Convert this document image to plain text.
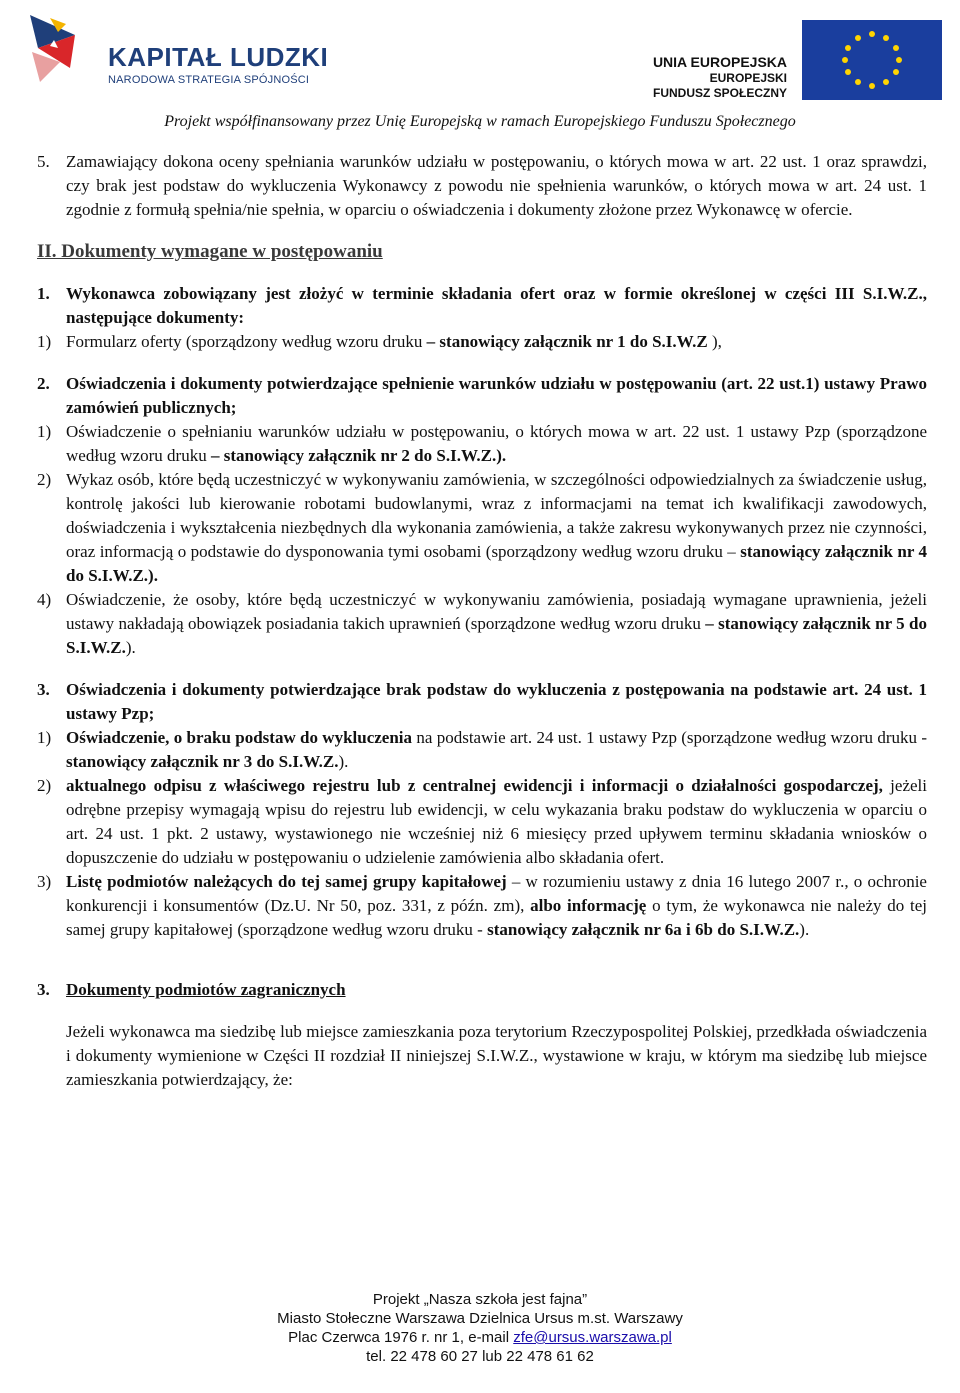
KAPITAŁ LUDZKI
NARODOWA STRATEGIA SPÓJNOŚCI
UNIA EUROPEJSKA
EUROPEJSKI
FUNDUSZ SPOŁECZNY
Projekt współfinansowany przez Unię Europejską w ramach Europejskiego Funduszu Społecznego

5. Zamawiający dokona oceny spełniania warunków udziału w postępowaniu, o których mowa w art. 22 ust. 1 oraz sprawdzi, czy brak jest podstaw do wykluczenia Wykonawcy z powodu nie spełnienia warunków, o których mowa w art. 24 ust. 1 zgodnie z formułą spełnia/nie spełnia, w oparciu o oświadczenia i dokumenty złożone przez Wykonawcę w ofercie.

II. Dokumenty wymagane w postępowaniu

1. Wykonawca zobowiązany jest złożyć w terminie składania ofert oraz w formie określonej w części III S.I.W.Z., następujące dokumenty:

1) Formularz oferty (sporządzony według wzoru druku – stanowiący załącznik nr 1 do S.I.W.Z ),

2. Oświadczenia i dokumenty potwierdzające spełnienie warunków udziału w postępowaniu (art. 22 ust.1) ustawy Prawo zamówień publicznych;

1) Oświadczenie o spełnianiu warunków udziału w postępowaniu, o których mowa w art. 22 ust. 1 ustawy Pzp (sporządzone według wzoru druku – stanowiący załącznik nr 2 do S.I.W.Z.).

2) Wykaz osób, które będą uczestniczyć w wykonywaniu zamówienia, w szczególności odpowiedzialnych za świadczenie usług, kontrolę jakości lub kierowanie robotami budowlanymi, wraz z informacjami na temat ich kwalifikacji zawodowych, doświadczenia i wykształcenia niezbędnych dla wykonania zamówienia, a także zakresu wykonywanych przez nie czynności, oraz informacją o podstawie do dysponowania tymi osobami (sporządzony według wzoru druku – stanowiący załącznik nr 4 do S.I.W.Z.).

4) Oświadczenie, że osoby, które będą uczestniczyć w wykonywaniu zamówienia, posiadają wymagane uprawnienia, jeżeli ustawy nakładają obowiązek posiadania takich uprawnień (sporządzone według wzoru druku – stanowiący załącznik nr 5 do S.I.W.Z.).

3. Oświadczenia i dokumenty potwierdzające brak podstaw do wykluczenia z postępowania na podstawie art. 24 ust. 1 ustawy Pzp;

1) Oświadczenie, o braku podstaw do wykluczenia na podstawie art. 24 ust. 1 ustawy Pzp (sporządzone według wzoru druku - stanowiący załącznik nr 3 do S.I.W.Z.).

2) aktualnego odpisu z właściwego rejestru lub z centralnej ewidencji i informacji o działalności gospodarczej, jeżeli odrębne przepisy wymagają wpisu do rejestru lub ewidencji, w celu wykazania braku podstaw do wykluczenia w oparciu o art. 24 ust. 1 pkt. 2 ustawy, wystawionego nie wcześniej niż 6 miesięcy przed upływem terminu składania wniosków o dopuszczenie do udziału w postępowaniu o udzielenie zamówienia albo składania ofert.

3) Listę podmiotów należących do tej samej grupy kapitałowej – w rozumieniu ustawy z dnia 16 lutego 2007 r., o ochronie konkurencji i konsumentów (Dz.U. Nr 50, poz. 331, z późn. zm), albo informację o tym, że wykonawca nie należy do tej samej grupy kapitałowej (sporządzone według wzoru druku - stanowiący załącznik nr 6a i 6b do S.I.W.Z.).

3. Dokumenty podmiotów zagranicznych

Jeżeli wykonawca ma siedzibę lub miejsce zamieszkania poza terytorium Rzeczypospolitej Polskiej, przedkłada oświadczenia i dokumenty wymienione w Części II rozdział II niniejszej S.I.W.Z., wystawione w kraju, w którym ma siedzibę lub miejsce zamieszkania potwierdzający, że:

Projekt „Nasza szkoła jest fajna”
Miasto Stołeczne Warszawa Dzielnica Ursus m.st. Warszawy
Plac Czerwca 1976 r. nr 1, e-mail zfe@ursus.warszawa.pl
tel. 22 478 60 27 lub 22 478 61 62
